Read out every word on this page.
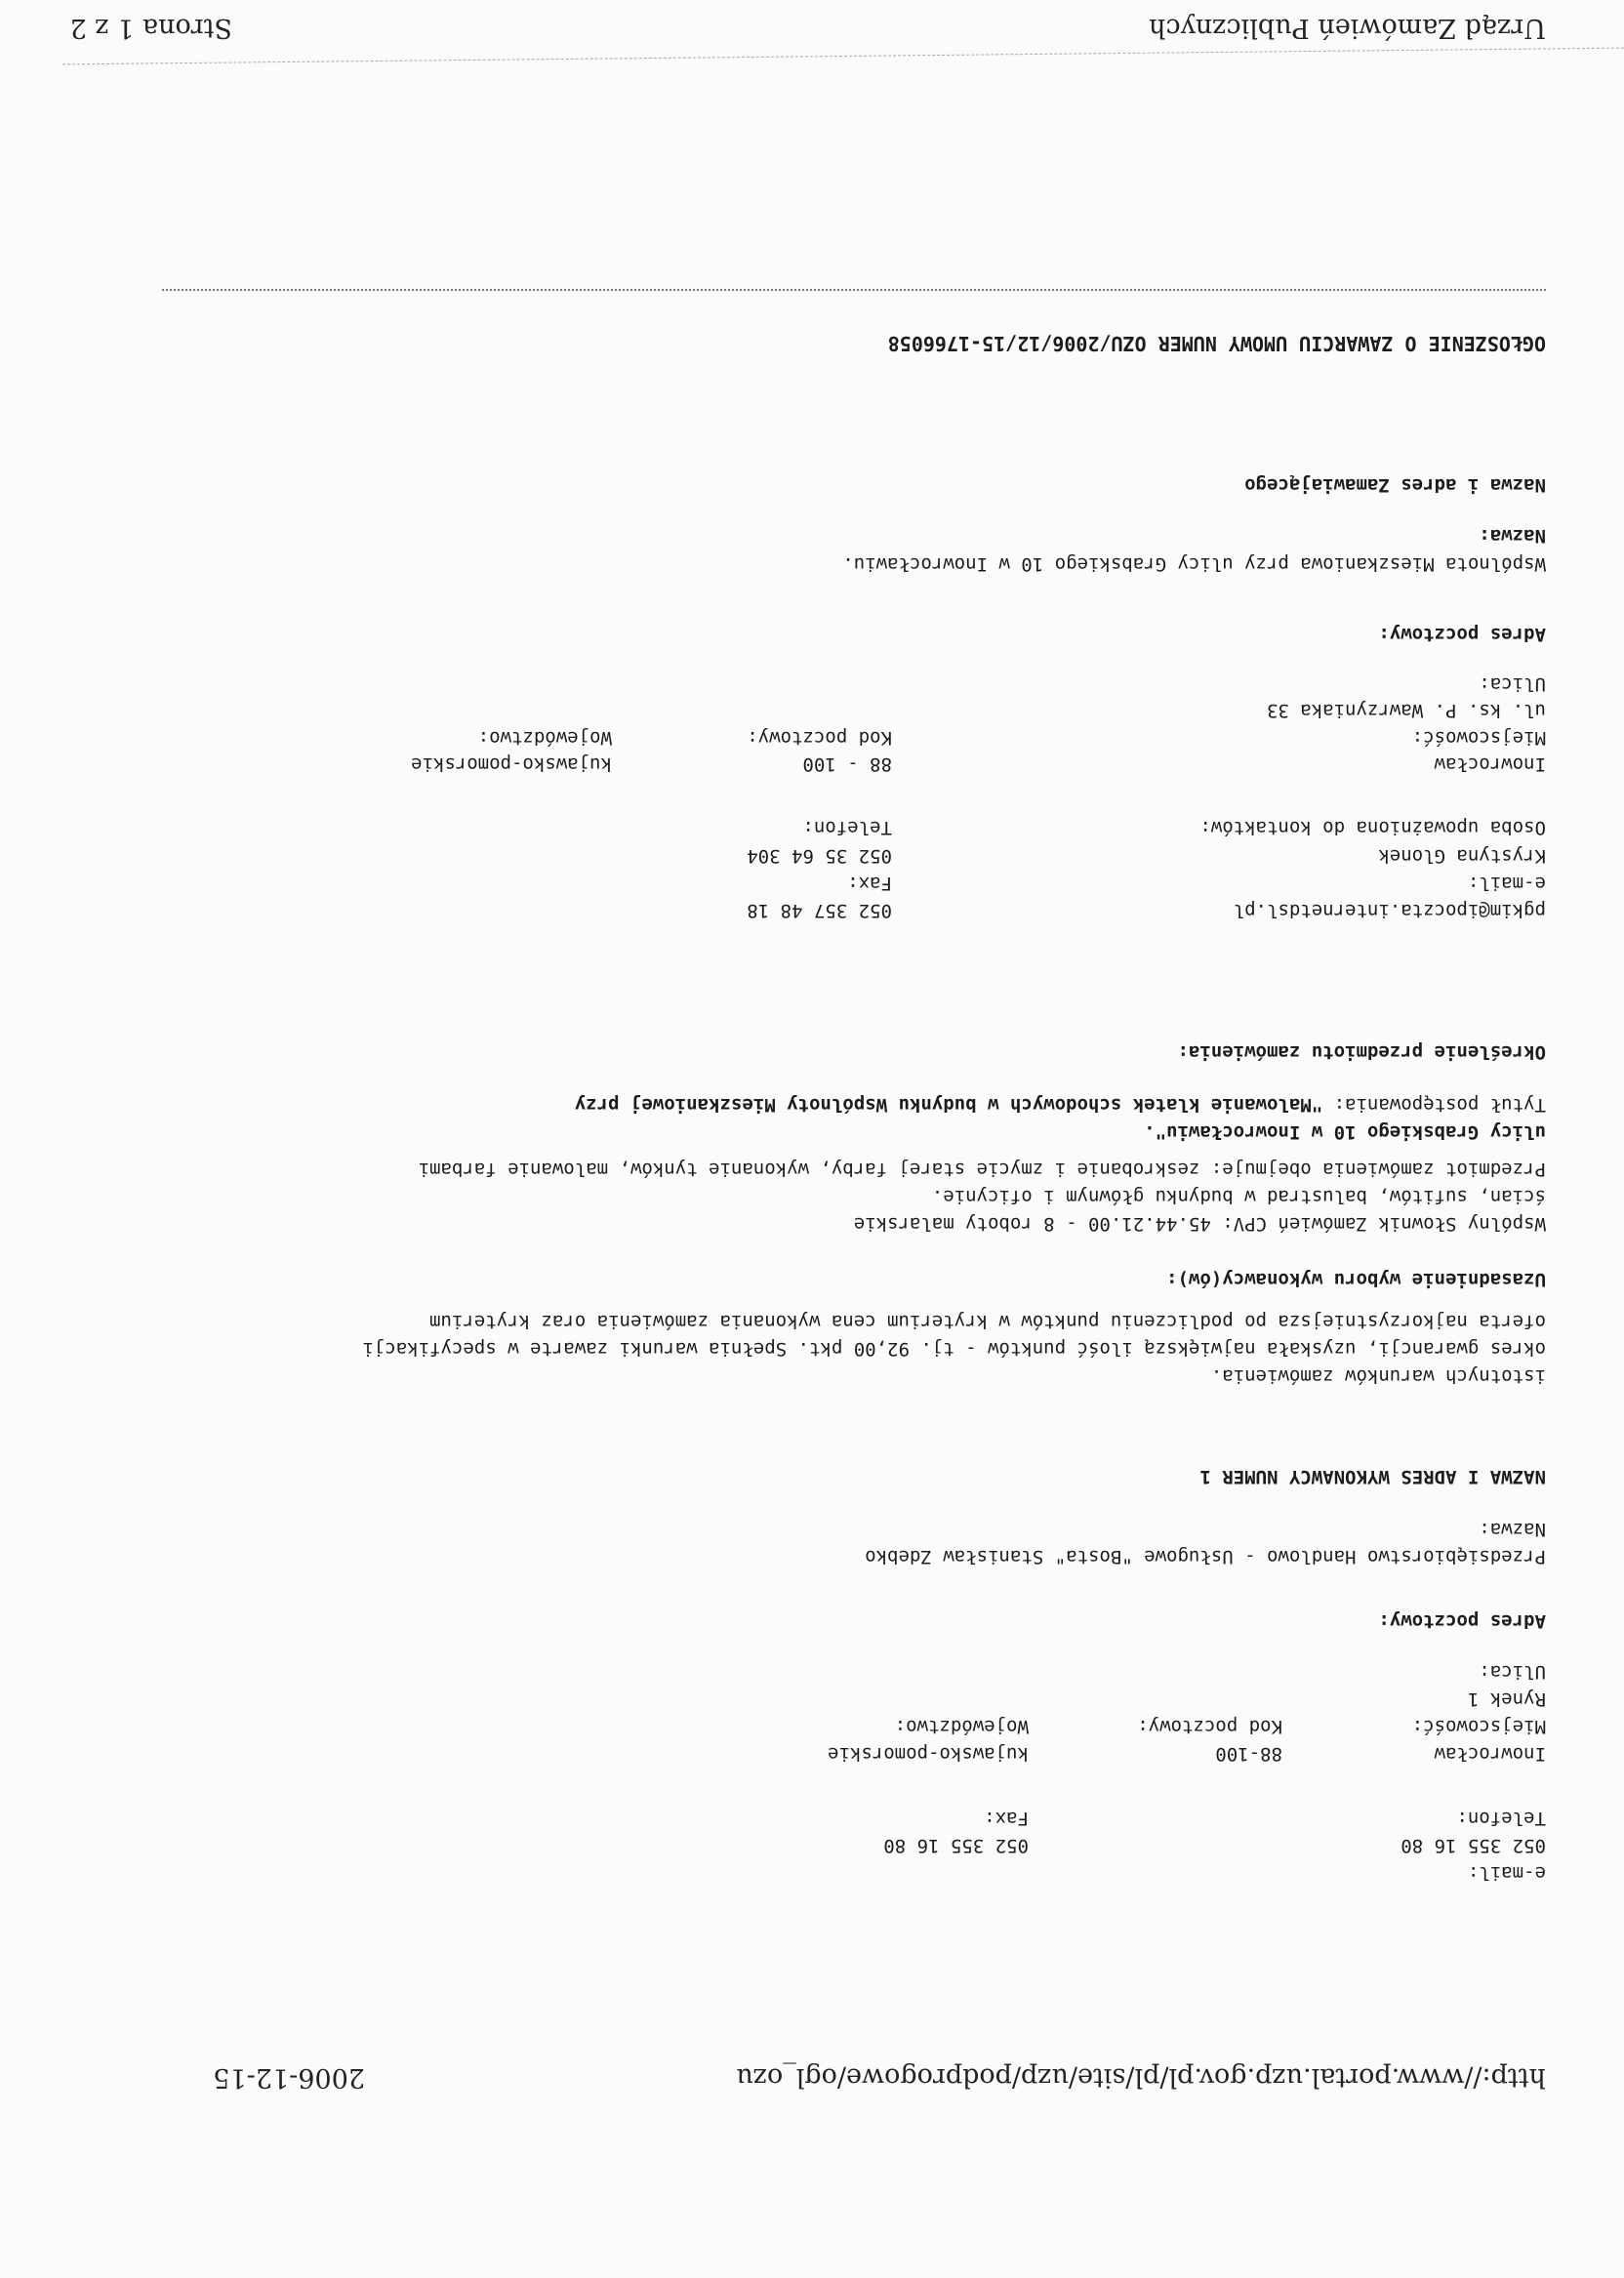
Urząd Zamówień Publicznych
Strona 1 z 2
OGŁOSZENIE O ZAWARCIU UMOWY NUMER OZU/2006/12/15-1766058
Nazwa i adres Zamawiającego
Nazwa:
Wspólnota Mieszkaniowa przy ulicy Grabskiego 10 w Inowrocławiu.
Adres pocztowy:
Ulica:
ul. ks. P. Wawrzyniaka 33
Miejscowość:
Inowrocław
Kod pocztowy:
88 - 100
Województwo:
kujawsko-pomorskie
Osoba upoważniona do kontaktów:
Krystyna Glonek
Telefon:
052 35 64 304
e-mail:
pgkim@ipoczta.internetdsl.pl
Fax:
052 357 48 18
Określenie przedmiotu zamówienia:
Tytuł postępowania: "Malowanie klatek schodowych w budynku Wspólnoty Mieszkaniowej przy
ulicy Grabskiego 10 w Inowrocławiu".
Przedmiot zamówienia obejmuje: zeskrobanie i zmycie starej farby, wykonanie tynków, malowanie farbami
ścian, sufitów, balustrad w budynku głównym i oficynie.
Wspólny Słownik Zamówień CPV: 45.44.21.00 - 8 roboty malarskie
Uzasadnienie wyboru wykonawcy(ów):
oferta najkorzystniejsza po podliczeniu punktów w kryterium cena wykonania zamówienia oraz kryterium
okres gwarancji, uzyskała największą ilość punktów - tj. 92,00 pkt. Spełnia warunki zawarte w specyfikacji
istotnych warunków zamówienia.
NAZWA I ADRES WYKONAWCY NUMER 1
Nazwa:
Przedsiębiorstwo Handlowo - Usługowe "Bosta" Stanisław Zdebko
Adres pocztowy:
Ulica:
Rynek 1
Miejscowość:
Inowrocław
Kod pocztowy:
88-100
Województwo:
kujawsko-pomorskie
Telefon:
052 355 16 80
Fax:
052 355 16 80
e-mail:
http://www.portal.uzp.gov.pl/pl/site/uzp/podprogowe/ogl_ozu
2006-12-15
